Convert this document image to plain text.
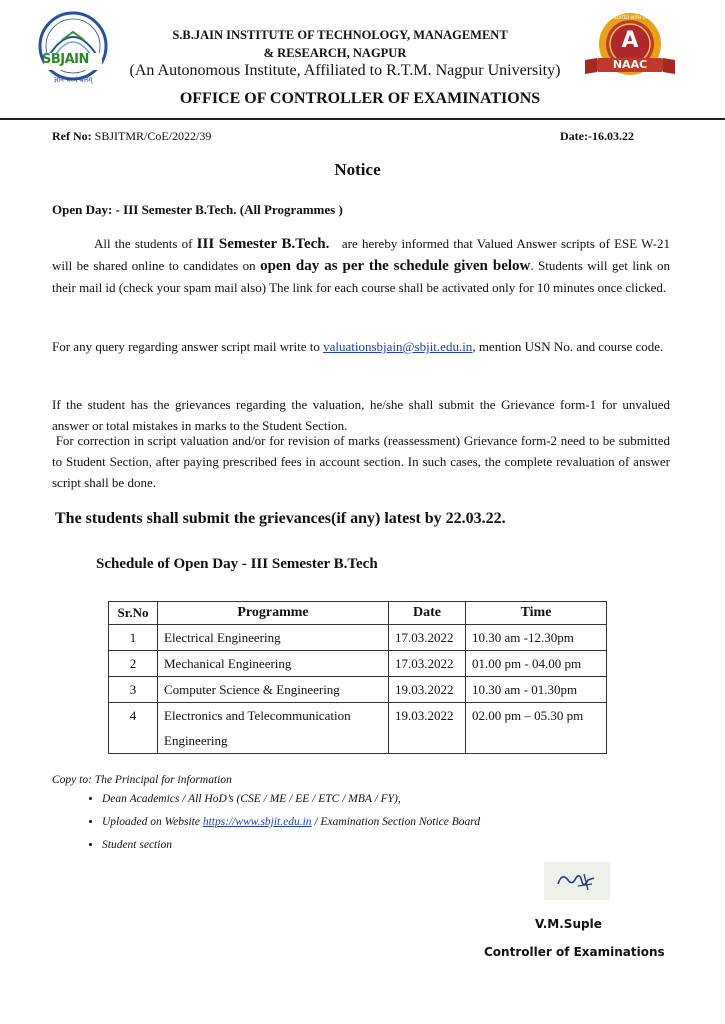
SBJAIN
ज्ञानं परमं बलम्
A
NAAC
ACCREDITED WITH GRADE
S.B.JAIN INSTITUTE OF TECHNOLOGY, MANAGEMENT
& RESEARCH, NAGPUR
(An Autonomous Institute, Affiliated to R.T.M. Nagpur University)
OFFICE OF CONTROLLER OF EXAMINATIONS
Ref No: SBJITMR/CoE/2022/39	Date:-16.03.22
Notice
Open Day: - III Semester B.Tech. (All Programmes )
All the students of III Semester B.Tech. are hereby informed that Valued Answer scripts of ESE W-21 will be shared online to candidates on open day as per the schedule given below. Students will get link on their mail id (check your spam mail also) The link for each course shall be activated only for 10 minutes once clicked.
For any query regarding answer script mail write to valuationsbjain@sbjit.edu.in, mention USN No. and course code.
If the student has the grievances regarding the valuation, he/she shall submit the Grievance form-1 for unvalued answer or total mistakes in marks to the Student Section.
For correction in script valuation and/or for revision of marks (reassessment) Grievance form-2 need to be submitted to Student Section, after paying prescribed fees in account section. In such cases, the complete revaluation of answer script shall be done.
The students shall submit the grievances(if any) latest by 22.03.22.
Schedule of Open Day - III Semester B.Tech
Sr.No	Programme	Date	Time
1	Electrical Engineering	17.03.2022	10.30 am -12.30pm
2	Mechanical Engineering	17.03.2022	01.00 pm - 04.00 pm
3	Computer Science & Engineering	19.03.2022	10.30 am - 01.30pm
4	Electronics and Telecommunication Engineering	19.03.2022	02.00 pm – 05.30 pm
Copy to: The Principal for information
• Dean Academics / All HoD’s (CSE / ME / EE / ETC / MBA / FY),
• Uploaded on Website https://www.sbjit.edu.in / Examination Section Notice Board
• Student section
V.M.Suple
Controller of Examinations
